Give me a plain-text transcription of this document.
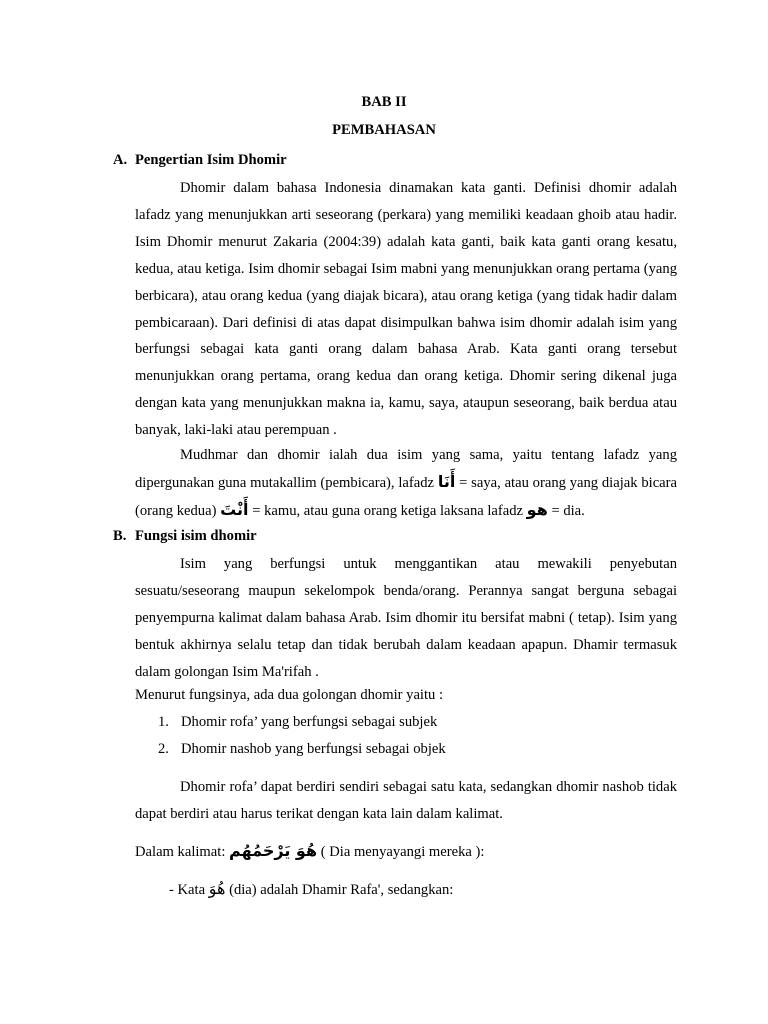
BAB II
PEMBAHASAN
A. Pengertian Isim Dhomir

Dhomir dalam bahasa Indonesia dinamakan kata ganti. Definisi dhomir adalah lafadz yang menunjukkan arti seseorang (perkara) yang memiliki keadaan ghoib atau hadir. Isim Dhomir menurut Zakaria (2004:39) adalah kata ganti, baik kata ganti orang kesatu, kedua, atau ketiga. Isim dhomir sebagai Isim mabni yang menunjukkan orang pertama (yang berbicara), atau orang kedua (yang diajak bicara), atau orang ketiga (yang tidak hadir dalam pembicaraan). Dari definisi di atas dapat disimpulkan bahwa isim dhomir adalah isim yang berfungsi sebagai kata ganti orang dalam bahasa Arab. Kata ganti orang tersebut menunjukkan orang pertama, orang kedua dan orang ketiga. Dhomir sering dikenal juga dengan kata yang menunjukkan makna ia, kamu, saya, ataupun seseorang, baik berdua atau banyak, laki-laki atau perempuan .

Mudhmar dan dhomir ialah dua isim yang sama, yaitu tentang lafadz yang dipergunakan guna mutakallim (pembicara), lafadz أَنَا = saya, atau orang yang diajak bicara (orang kedua) أَنْتَ = kamu, atau guna orang ketiga laksana lafadz هو = dia.

B. Fungsi isim dhomir

Isim yang berfungsi untuk menggantikan atau mewakili penyebutan sesuatu/seseorang maupun sekelompok benda/orang. Perannya sangat berguna sebagai penyempurna kalimat dalam bahasa Arab. Isim dhomir itu bersifat mabni ( tetap). Isim yang bentuk akhirnya selalu tetap dan tidak berubah dalam keadaan apapun. Dhamir termasuk dalam golongan Isim Ma'rifah .

Menurut fungsinya, ada dua golongan dhomir yaitu :
1. Dhomir rofa’ yang berfungsi sebagai subjek
2. Dhomir nashob yang berfungsi sebagai objek

Dhomir rofa’ dapat berdiri sendiri sebagai satu kata, sedangkan dhomir nashob tidak dapat berdiri atau harus terikat dengan kata lain dalam kalimat.

Dalam kalimat: هُوَ يَرْحَمُهُم ( Dia menyayangi mereka ):
- Kata هُوَ (dia) adalah Dhamir Rafa', sedangkan:
